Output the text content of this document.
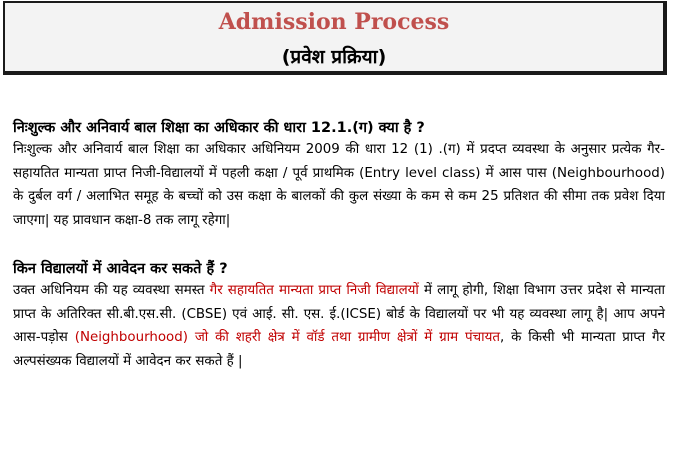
Admission Process
(प्रवेश प्रक्रिया)
निःशुल्क और अनिवार्य बाल शिक्षा का अधिकार की धारा 12.1.(ग) क्या है ?
निःशुल्क और अनिवार्य बाल शिक्षा का अधिकार अधिनियम 2009 की धारा 12 (1) .(ग) में प्रदप्त व्यवस्था के अनुसार प्रत्येक गैर-सहायतित मान्यता प्राप्त निजी-विद्यालयों में पहली कक्षा / पूर्व प्राथमिक (Entry level class) में आस पास (Neighbourhood) के दुर्बल वर्ग / अलाभित समूह के बच्चों को उस कक्षा के बालकों की कुल संख्या के कम से कम 25 प्रतिशत की सीमा तक प्रवेश दिया जाएगा| यह प्रावधान कक्षा-8 तक लागू रहेगा|
किन विद्यालयों में आवेदन कर सकते हैं ?
उक्त अधिनियम की यह व्यवस्था समस्त गैर सहायतित मान्यता प्राप्त निजी विद्यालयों में लागू होगी, शिक्षा विभाग उत्तर प्रदेश से मान्यता प्राप्त के अतिरिक्त सी.बी.एस.सी. (CBSE) एवं आई. सी. एस. ई.(ICSE) बोर्ड के विद्यालयों पर भी यह व्यवस्था लागू है| आप अपने आस-पड़ोस (Neighbourhood) जो की शहरी क्षेत्र में वॉर्ड तथा ग्रामीण क्षेत्रों में ग्राम पंचायत, के किसी भी मान्यता प्राप्त गैर अल्पसंख्यक विद्यालयों में आवेदन कर सकते हैं |
